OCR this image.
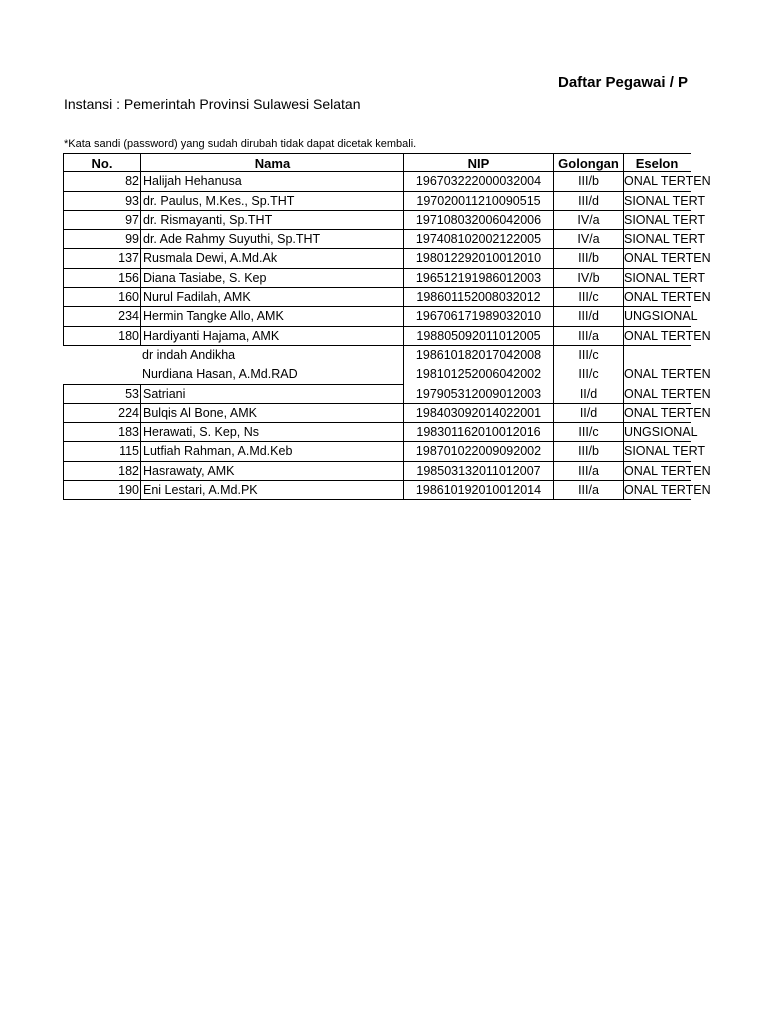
Daftar Pegawai / P
Instansi : Pemerintah Provinsi Sulawesi Selatan
*Kata sandi (password) yang sudah dirubah tidak dapat dicetak kembali.
No.	Nama	NIP	Golongan	Eselon
82 Halijah Hehanusa	196703222000032004	III/b	ONAL TERTEN
93 dr. Paulus, M.Kes., Sp.THT	197020011210090515	III/d	SIONAL TERT
97 dr. Rismayanti, Sp.THT	197108032006042006	IV/a	SIONAL TERT
99 dr. Ade Rahmy Suyuthi, Sp.THT	197408102002122005	IV/a	SIONAL TERT
137 Rusmala Dewi, A.Md.Ak	198012292010012010	III/b	ONAL TERTEN
156 Diana Tasiabe, S. Kep	196512191986012003	IV/b	SIONAL TERT
160 Nurul Fadilah, AMK	198601152008032012	III/c	ONAL TERTEN
234 Hermin Tangke Allo, AMK	196706171989032010	III/d	UNGSIONAL
180 Hardiyanti Hajama, AMK	198805092011012005	III/a	ONAL TERTEN
dr indah Andikha	198610182017042008	III/c
Nurdiana Hasan, A.Md.RAD	198101252006042002	III/c	ONAL TERTEN
53 Satriani	197905312009012003	II/d	ONAL TERTEN
224 Bulqis Al Bone, AMK	198403092014022001	II/d	ONAL TERTEN
183 Herawati, S. Kep, Ns	198301162010012016	III/c	UNGSIONAL
115 Lutfiah Rahman, A.Md.Keb	198701022009092002	III/b	SIONAL TERT
182 Hasrawaty, AMK	198503132011012007	III/a	ONAL TERTEN
190 Eni Lestari, A.Md.PK	198610192010012014	III/a	ONAL TERTEN
